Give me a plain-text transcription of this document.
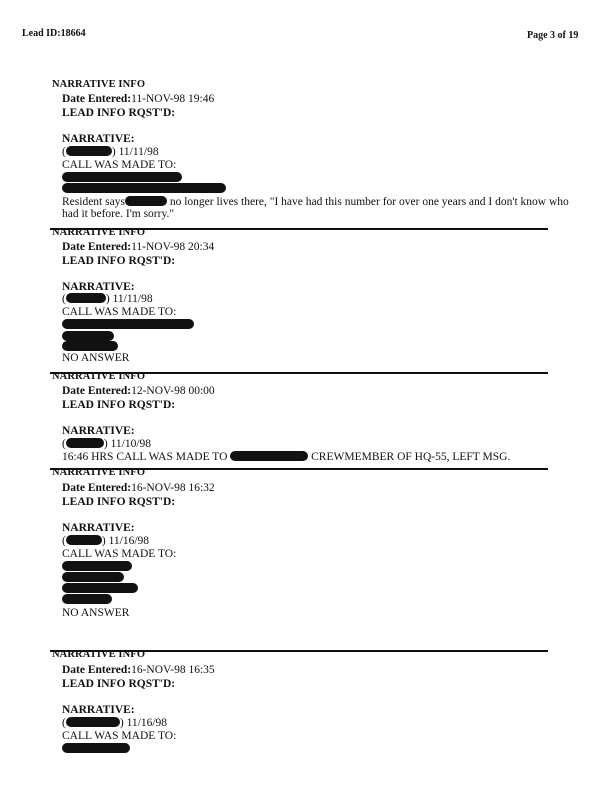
Lead ID:18664	Page 3 of 19
NARRATIVE INFO
Date Entered:11-NOV-98 19:46
LEAD INFO RQST'D:
NARRATIVE:
(	) 11/11/98
CALL WAS MADE TO:
Resident says	no longer lives there, "I have had this number for over one years and I don't know who
had it before. I'm sorry."
NARRATIVE INFO
Date Entered:11-NOV-98 20:34
LEAD INFO RQST'D:
NARRATIVE:
(	) 11/11/98
CALL WAS MADE TO:
NO ANSWER
NARRATIVE INFO
Date Entered:12-NOV-98 00:00
LEAD INFO RQST'D:
NARRATIVE:
(	) 11/10/98
16:46 HRS CALL WAS MADE TO	CREWMEMBER OF HQ-55, LEFT MSG.
NARRATIVE INFO
Date Entered:16-NOV-98 16:32
LEAD INFO RQST'D:
NARRATIVE:
(	) 11/16/98
CALL WAS MADE TO:
NO ANSWER
NARRATIVE INFO
Date Entered:16-NOV-98 16:35
LEAD INFO RQST'D:
NARRATIVE:
(	) 11/16/98
CALL WAS MADE TO:
